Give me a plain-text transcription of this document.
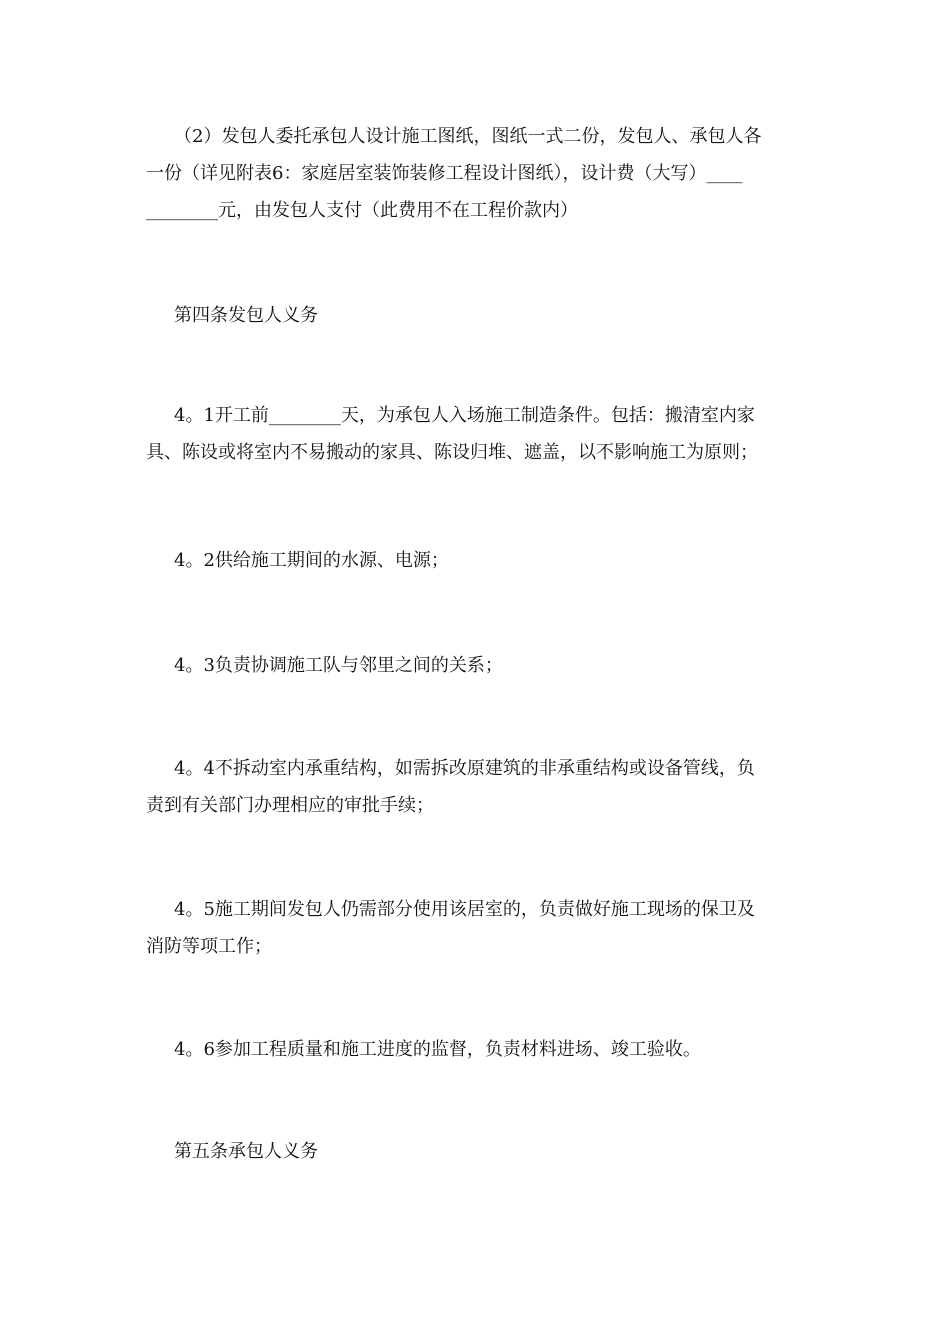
（2）发包人委托承包人设计施工图纸，图纸一式二份，发包人、承包人各
一份（详见附表6：家庭居室装饰装修工程设计图纸），设计费（大写）____
________元，由发包人支付（此费用不在工程价款内）
第四条发包人义务
4。1开工前________天，为承包人入场施工制造条件。包括：搬清室内家
具、陈设或将室内不易搬动的家具、陈设归堆、遮盖，以不影响施工为原则；
4。2供给施工期间的水源、电源；
4。3负责协调施工队与邻里之间的关系；
4。4不拆动室内承重结构，如需拆改原建筑的非承重结构或设备管线，负
责到有关部门办理相应的审批手续；
4。5施工期间发包人仍需部分使用该居室的，负责做好施工现场的保卫及
消防等项工作；
4。6参加工程质量和施工进度的监督，负责材料进场、竣工验收。
第五条承包人义务
